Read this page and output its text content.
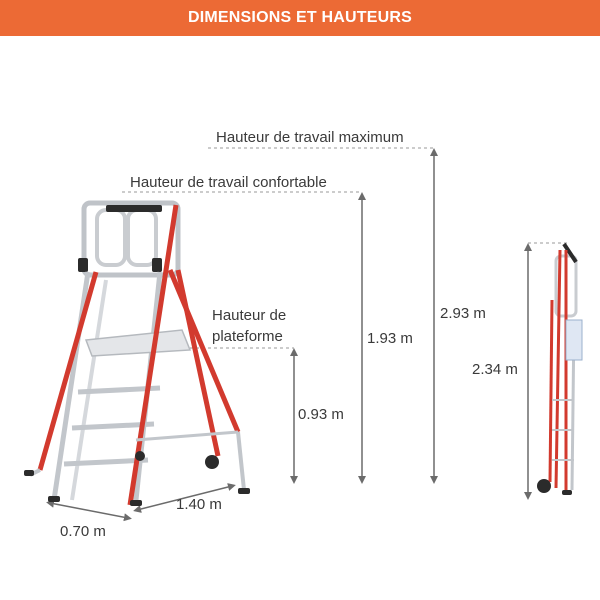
DIMENSIONS ET HAUTEURS
Hauteur de travail maximum
2.93 m
Hauteur de travail confortable
1.93 m
Hauteur de
plateforme
0.93 m
2.34 m
1.40 m
0.70 m
